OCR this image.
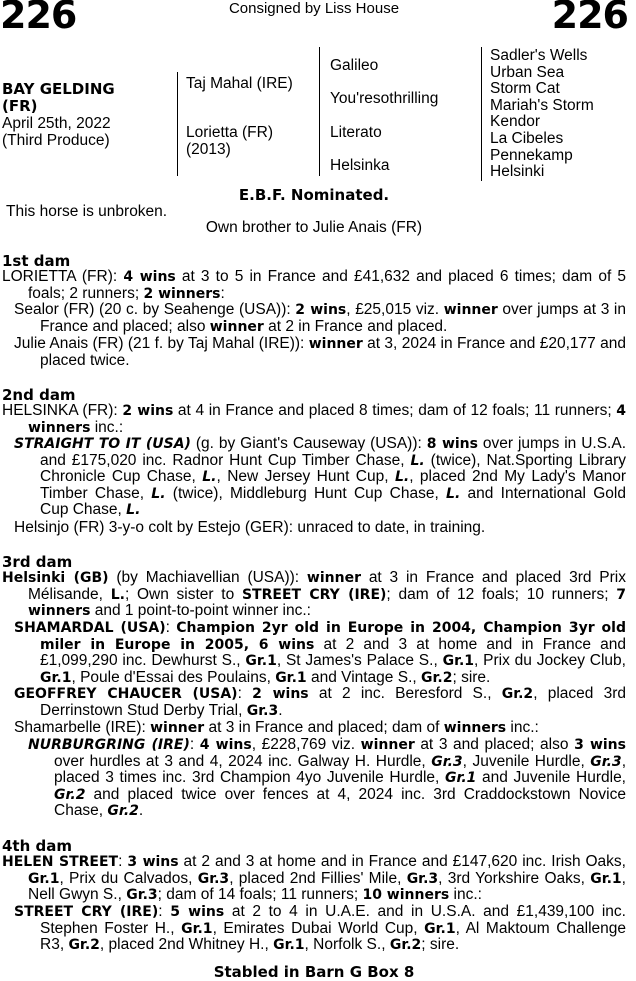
226	Consigned by Liss House	226
BAY GELDING
(FR)
April 25th, 2022
(Third Produce)
Taj Mahal (IRE)
Lorietta (FR)
(2013)
Galileo
You'resothrilling
Literato
Helsinka
Sadler's Wells
Urban Sea
Storm Cat
Mariah's Storm
Kendor
La Cibeles
Pennekamp
Helsinki
E.B.F. Nominated.
This horse is unbroken.
Own brother to Julie Anais (FR)
1st dam
LORIETTA (FR): 4 wins at 3 to 5 in France and £41,632 and placed 6 times; dam of 5 foals; 2 runners; 2 winners:
Sealor (FR) (20 c. by Seahenge (USA)): 2 wins, £25,015 viz. winner over jumps at 3 in France and placed; also winner at 2 in France and placed.
Julie Anais (FR) (21 f. by Taj Mahal (IRE)): winner at 3, 2024 in France and £20,177 and placed twice.
2nd dam
HELSINKA (FR): 2 wins at 4 in France and placed 8 times; dam of 12 foals; 11 runners; 4 winners inc.:
STRAIGHT TO IT (USA) (g. by Giant's Causeway (USA)): 8 wins over jumps in U.S.A. and £175,020 inc. Radnor Hunt Cup Timber Chase, L. (twice), Nat.Sporting Library Chronicle Cup Chase, L., New Jersey Hunt Cup, L., placed 2nd My Lady's Manor Timber Chase, L. (twice), Middleburg Hunt Cup Chase, L. and International Gold Cup Chase, L.
Helsinjo (FR) 3-y-o colt by Estejo (GER): unraced to date, in training.
3rd dam
Helsinki (GB) (by Machiavellian (USA)): winner at 3 in France and placed 3rd Prix Mélisande, L.; Own sister to STREET CRY (IRE); dam of 12 foals; 10 runners; 7 winners and 1 point-to-point winner inc.:
SHAMARDAL (USA): Champion 2yr old in Europe in 2004, Champion 3yr old miler in Europe in 2005, 6 wins at 2 and 3 at home and in France and £1,099,290 inc. Dewhurst S., Gr.1, St James's Palace S., Gr.1, Prix du Jockey Club, Gr.1, Poule d'Essai des Poulains, Gr.1 and Vintage S., Gr.2; sire.
GEOFFREY CHAUCER (USA): 2 wins at 2 inc. Beresford S., Gr.2, placed 3rd Derrinstown Stud Derby Trial, Gr.3.
Shamarbelle (IRE): winner at 3 in France and placed; dam of winners inc.:
NURBURGRING (IRE): 4 wins, £228,769 viz. winner at 3 and placed; also 3 wins over hurdles at 3 and 4, 2024 inc. Galway H. Hurdle, Gr.3, Juvenile Hurdle, Gr.3, placed 3 times inc. 3rd Champion 4yo Juvenile Hurdle, Gr.1 and Juvenile Hurdle, Gr.2 and placed twice over fences at 4, 2024 inc. 3rd Craddockstown Novice Chase, Gr.2.
4th dam
HELEN STREET: 3 wins at 2 and 3 at home and in France and £147,620 inc. Irish Oaks, Gr.1, Prix du Calvados, Gr.3, placed 2nd Fillies' Mile, Gr.3, 3rd Yorkshire Oaks, Gr.1, Nell Gwyn S., Gr.3; dam of 14 foals; 11 runners; 10 winners inc.:
STREET CRY (IRE): 5 wins at 2 to 4 in U.A.E. and in U.S.A. and £1,439,100 inc. Stephen Foster H., Gr.1, Emirates Dubai World Cup, Gr.1, Al Maktoum Challenge R3, Gr.2, placed 2nd Whitney H., Gr.1, Norfolk S., Gr.2; sire.
Stabled in Barn G Box 8
